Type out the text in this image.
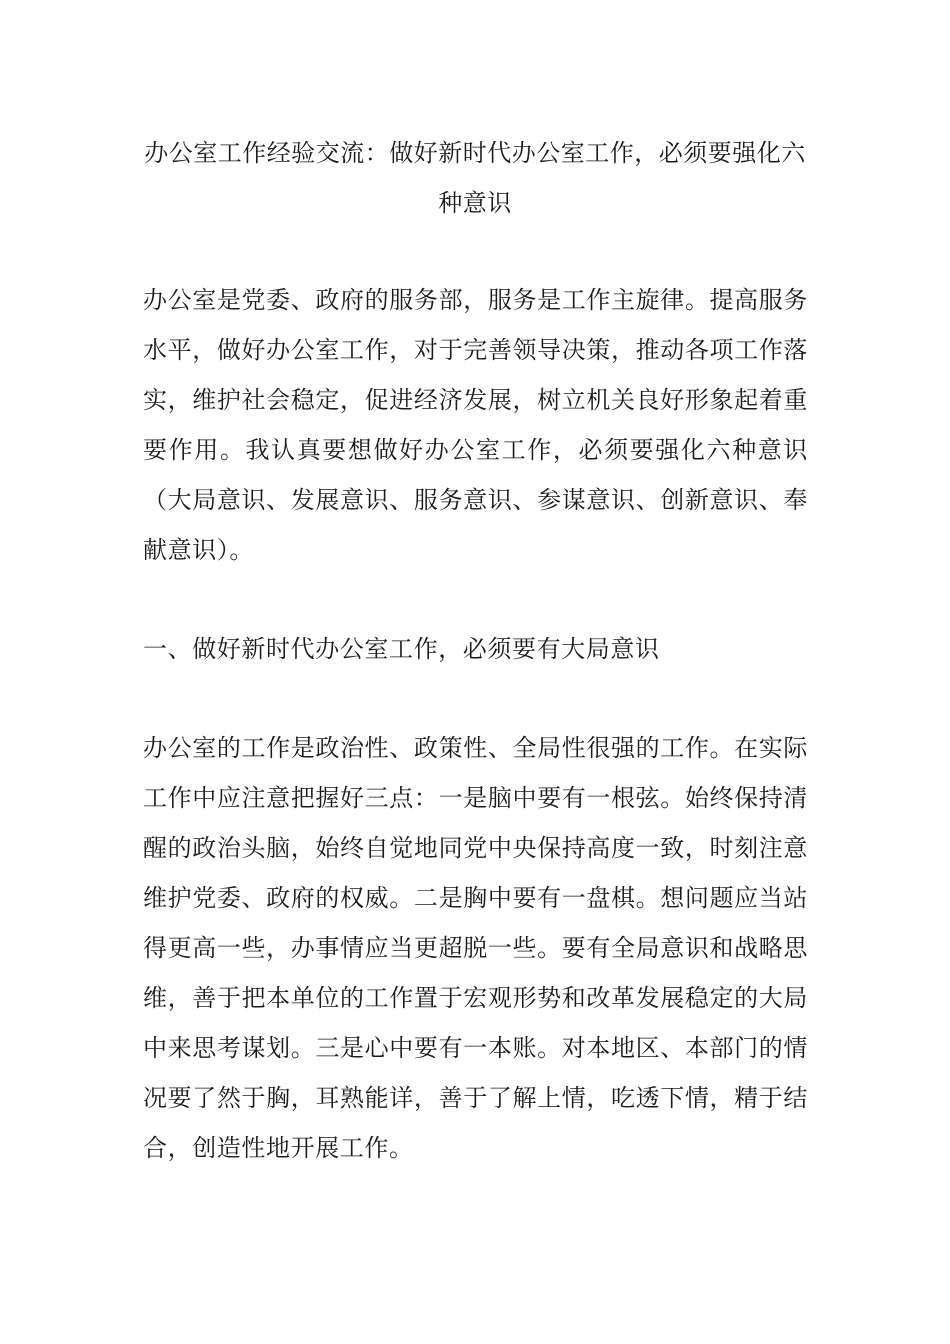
办公室工作经验交流：做好新时代办公室工作，必须要强化六种意识

办公室是党委、政府的服务部，服务是工作主旋律。提高服务水平，做好办公室工作，对于完善领导决策，推动各项工作落实，维护社会稳定，促进经济发展，树立机关良好形象起着重要作用。我认真要想做好办公室工作，必须要强化六种意识（大局意识、发展意识、服务意识、参谋意识、创新意识、奉献意识）。

一、做好新时代办公室工作，必须要有大局意识

办公室的工作是政治性、政策性、全局性很强的工作。在实际工作中应注意把握好三点：一是脑中要有一根弦。始终保持清醒的政治头脑，始终自觉地同党中央保持高度一致，时刻注意维护党委、政府的权威。二是胸中要有一盘棋。想问题应当站得更高一些，办事情应当更超脱一些。要有全局意识和战略思维，善于把本单位的工作置于宏观形势和改革发展稳定的大局中来思考谋划。三是心中要有一本账。对本地区、本部门的情况要了然于胸，耳熟能详，善于了解上情，吃透下情，精于结合，创造性地开展工作。
